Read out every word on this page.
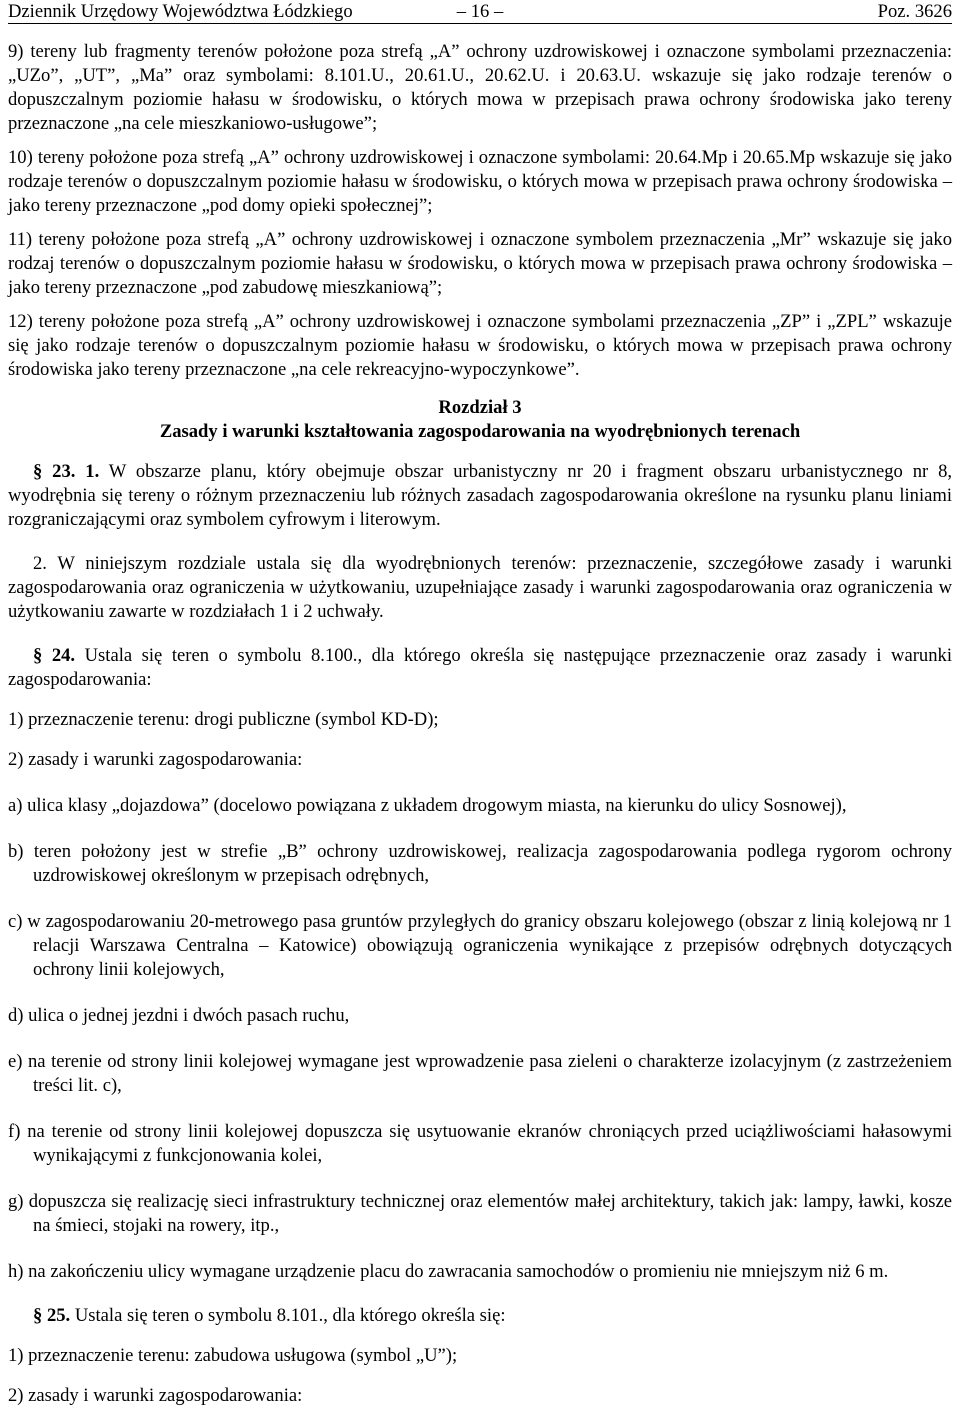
Dziennik Urzędowy Województwa Łódzkiego	– 16 –	Poz. 3626
9) tereny lub fragmenty terenów położone poza strefą „A” ochrony uzdrowiskowej i oznaczone symbolami przeznaczenia: „UZo”, „UT”, „Ma” oraz symbolami: 8.101.U., 20.61.U., 20.62.U. i 20.63.U. wskazuje się jako rodzaje terenów o dopuszczalnym poziomie hałasu w środowisku, o których mowa w przepisach prawa ochrony środowiska jako tereny przeznaczone „na cele mieszkaniowo-usługowe”;
10) tereny położone poza strefą „A” ochrony uzdrowiskowej i oznaczone symbolami: 20.64.Mp i 20.65.Mp wskazuje się jako rodzaje terenów o dopuszczalnym poziomie hałasu w środowisku, o których mowa w przepisach prawa ochrony środowiska – jako tereny przeznaczone „pod domy opieki społecznej”;
11) tereny położone poza strefą „A” ochrony uzdrowiskowej i oznaczone symbolem przeznaczenia „Mr” wskazuje się jako rodzaj terenów o dopuszczalnym poziomie hałasu w środowisku, o których mowa w przepisach prawa ochrony środowiska – jako tereny przeznaczone „pod zabudowę mieszkaniową”;
12) tereny położone poza strefą „A” ochrony uzdrowiskowej i oznaczone symbolami przeznaczenia „ZP” i „ZPL” wskazuje się jako rodzaje terenów o dopuszczalnym poziomie hałasu w środowisku, o których mowa w przepisach prawa ochrony środowiska jako tereny przeznaczone „na cele rekreacyjno-wypoczynkowe”.
Rozdział 3
Zasady i warunki kształtowania zagospodarowania na wyodrębnionych terenach
§ 23. 1. W obszarze planu, który obejmuje obszar urbanistyczny nr 20 i fragment obszaru urbanistycznego nr 8, wyodrębnia się tereny o różnym przeznaczeniu lub różnych zasadach zagospodarowania określone na rysunku planu liniami rozgraniczającymi oraz symbolem cyfrowym i literowym.
2. W niniejszym rozdziale ustala się dla wyodrębnionych terenów: przeznaczenie, szczegółowe zasady i warunki zagospodarowania oraz ograniczenia w użytkowaniu, uzupełniające zasady i warunki zagospodarowania oraz ograniczenia w użytkowaniu zawarte w rozdziałach 1 i 2 uchwały.
§ 24. Ustala się teren o symbolu 8.100., dla którego określa się następujące przeznaczenie oraz zasady i warunki zagospodarowania:
1) przeznaczenie terenu: drogi publiczne (symbol KD-D);
2) zasady i warunki zagospodarowania:
a) ulica klasy „dojazdowa” (docelowo powiązana z układem drogowym miasta, na kierunku do ulicy Sosnowej),
b) teren położony jest w strefie „B” ochrony uzdrowiskowej, realizacja zagospodarowania podlega rygorom ochrony uzdrowiskowej określonym w przepisach odrębnych,
c) w zagospodarowaniu 20-metrowego pasa gruntów przyległych do granicy obszaru kolejowego (obszar z linią kolejową nr 1 relacji Warszawa Centralna – Katowice) obowiązują ograniczenia wynikające z przepisów odrębnych dotyczących ochrony linii kolejowych,
d) ulica o jednej jezdni i dwóch pasach ruchu,
e) na terenie od strony linii kolejowej wymagane jest wprowadzenie pasa zieleni o charakterze izolacyjnym (z zastrzeżeniem treści lit. c),
f) na terenie od strony linii kolejowej dopuszcza się usytuowanie ekranów chroniących przed uciążliwościami hałasowymi wynikającymi z funkcjonowania kolei,
g) dopuszcza się realizację sieci infrastruktury technicznej oraz elementów małej architektury, takich jak: lampy, ławki, kosze na śmieci, stojaki na rowery, itp.,
h) na zakończeniu ulicy wymagane urządzenie placu do zawracania samochodów o promieniu nie mniejszym niż 6 m.
§ 25. Ustala się teren o symbolu 8.101., dla którego określa się:
1) przeznaczenie terenu: zabudowa usługowa (symbol „U”);
2) zasady i warunki zagospodarowania:
